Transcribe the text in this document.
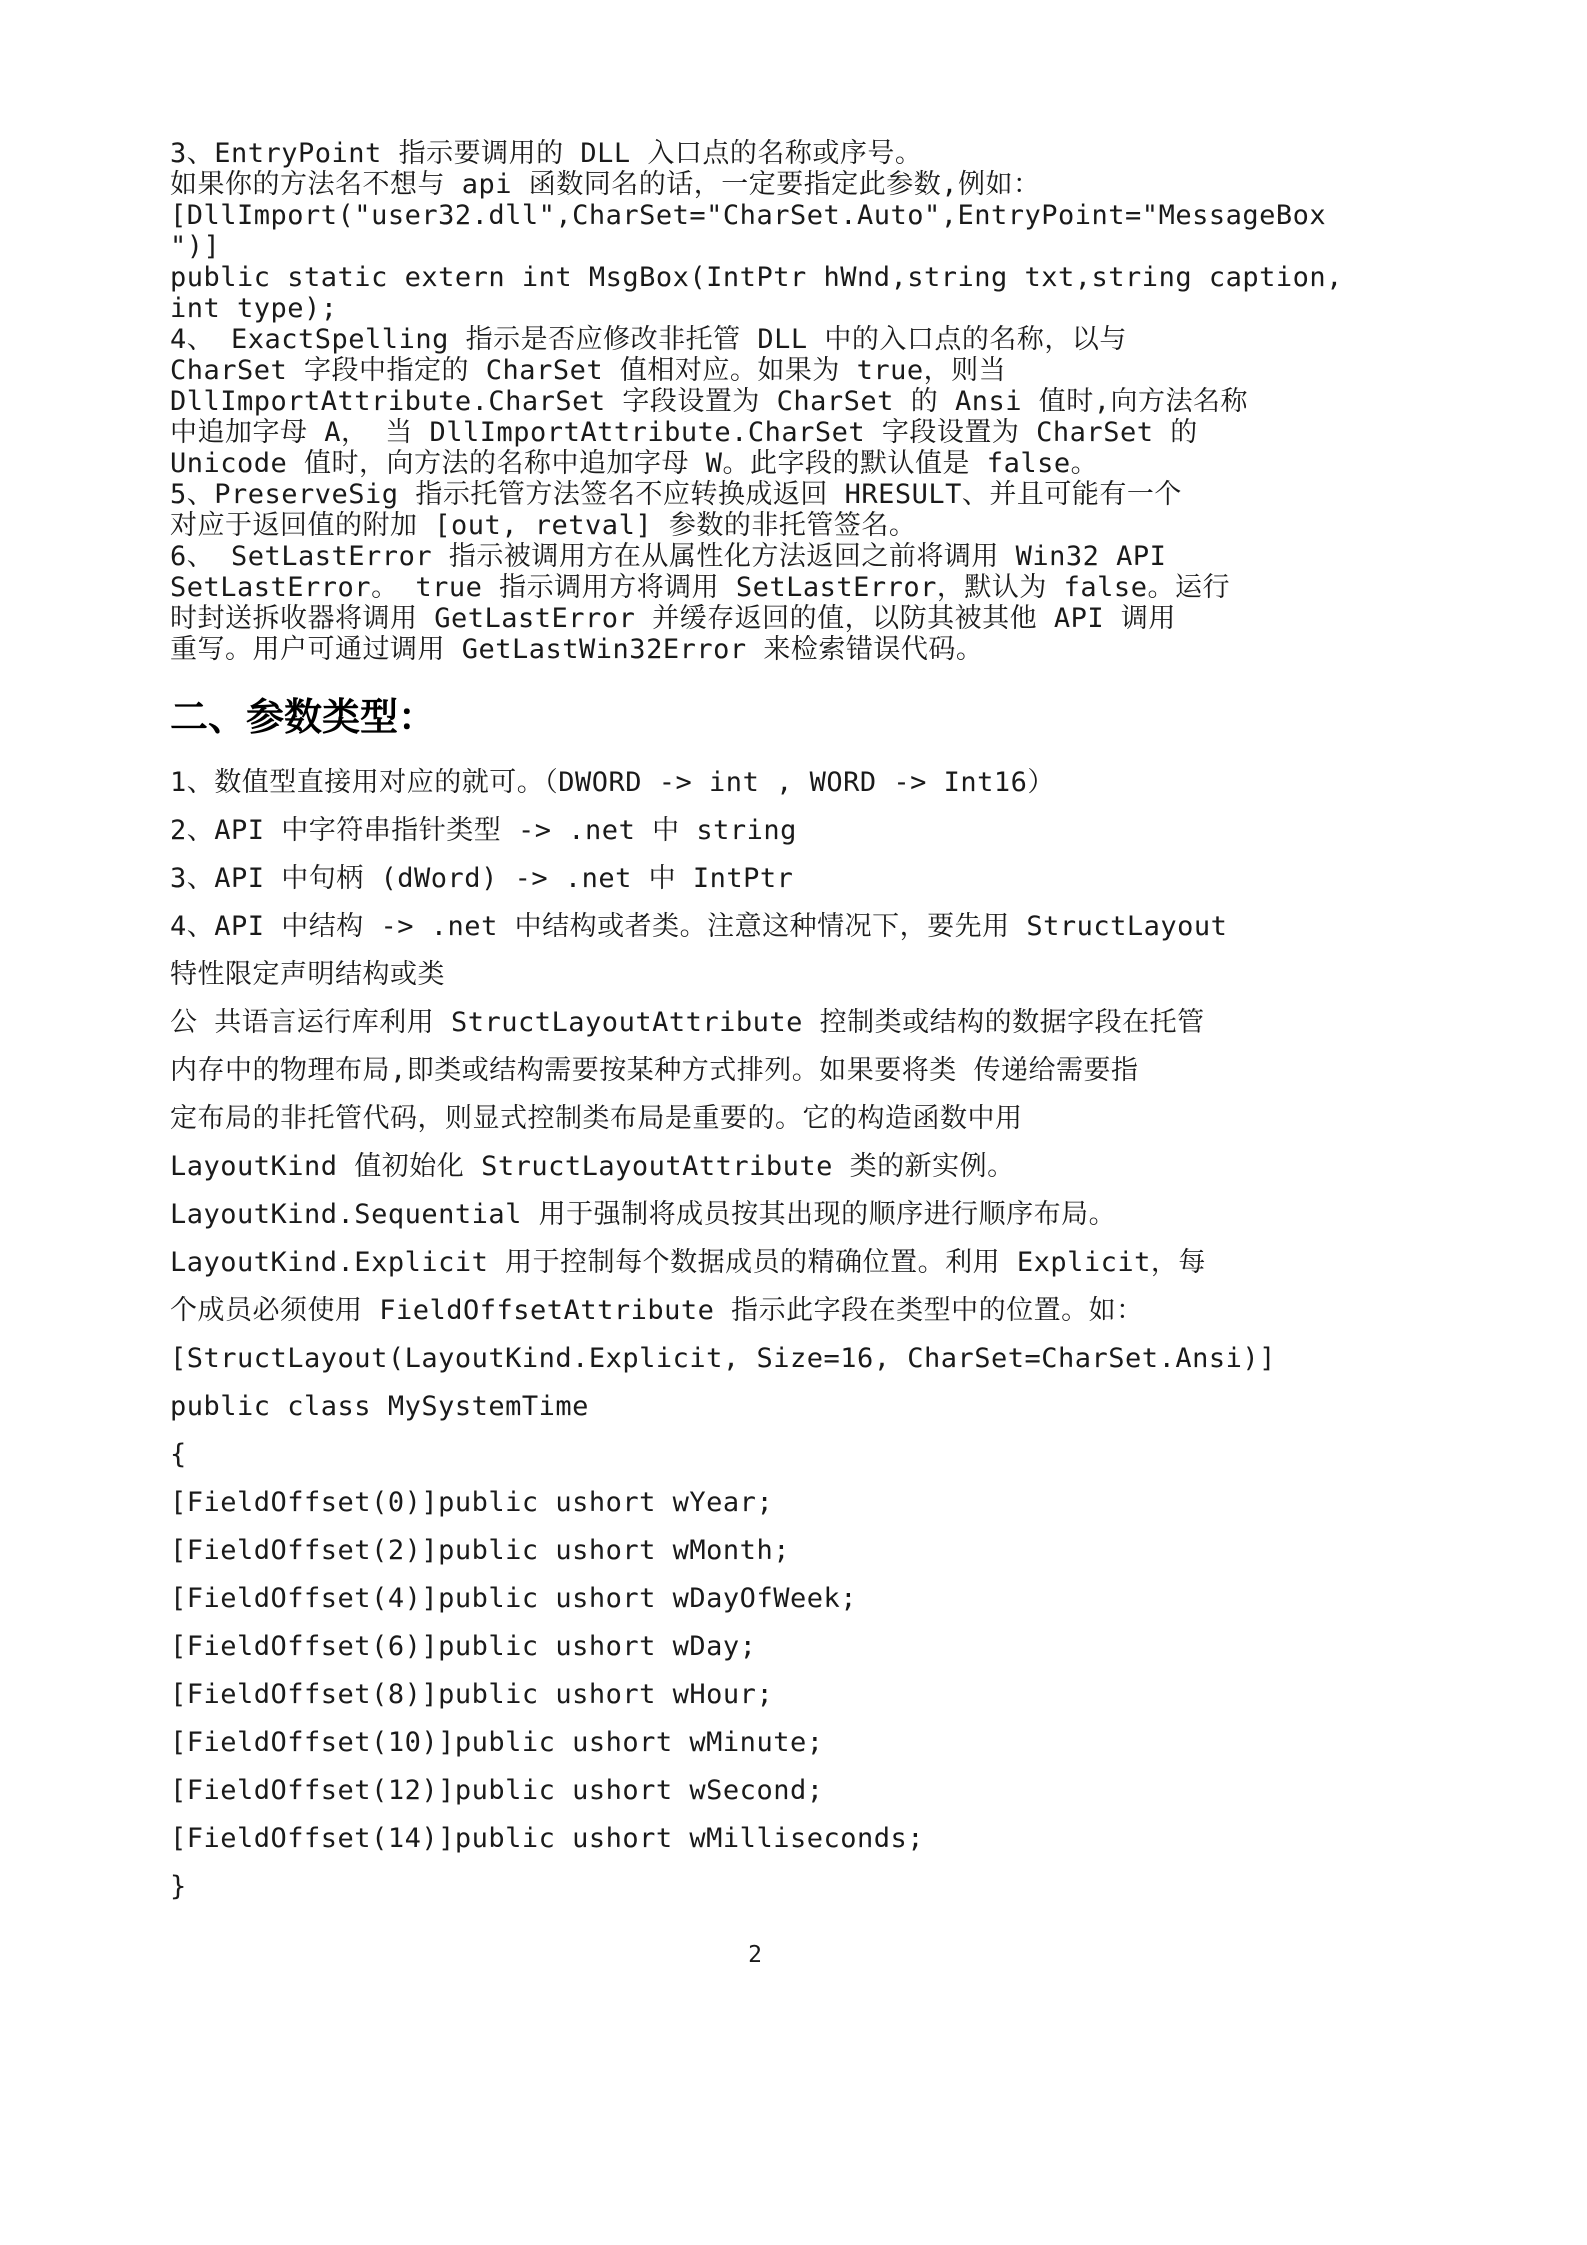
3、EntryPoint 指示要调用的 DLL 入口点的名称或序号。
如果你的方法名不想与 api 函数同名的话，一定要指定此参数,例如：
[DllImport("user32.dll",CharSet="CharSet.Auto",EntryPoint="MessageBox
")]
public static extern int MsgBox(IntPtr hWnd,string txt,string caption,
int type);
4、 ExactSpelling 指示是否应修改非托管 DLL 中的入口点的名称，以与
CharSet 字段中指定的 CharSet 值相对应。如果为 true，则当
DllImportAttribute.CharSet 字段设置为 CharSet 的 Ansi 值时,向方法名称
中追加字母 A， 当 DllImportAttribute.CharSet 字段设置为 CharSet 的
Unicode 值时，向方法的名称中追加字母 W。此字段的默认值是 false。
5、PreserveSig 指示托管方法签名不应转换成返回 HRESULT、并且可能有一个
对应于返回值的附加 [out, retval] 参数的非托管签名。
6、 SetLastError 指示被调用方在从属性化方法返回之前将调用 Win32 API
SetLastError。 true 指示调用方将调用 SetLastError，默认为 false。运行
时封送拆收器将调用 GetLastError 并缓存返回的值，以防其被其他 API 调用
重写。用户可通过调用 GetLastWin32Error 来检索错误代码。
二、参数类型：
1、数值型直接用对应的就可。（DWORD -> int , WORD -> Int16）
2、API 中字符串指针类型 -> .net 中 string
3、API 中句柄 (dWord) -> .net 中 IntPtr
4、API 中结构 -> .net 中结构或者类。注意这种情况下，要先用 StructLayout
特性限定声明结构或类
公 共语言运行库利用 StructLayoutAttribute 控制类或结构的数据字段在托管
内存中的物理布局,即类或结构需要按某种方式排列。如果要将类 传递给需要指
定布局的非托管代码，则显式控制类布局是重要的。它的构造函数中用
LayoutKind 值初始化 StructLayoutAttribute 类的新实例。
LayoutKind.Sequential 用于强制将成员按其出现的顺序进行顺序布局。
LayoutKind.Explicit 用于控制每个数据成员的精确位置。利用 Explicit，每
个成员必须使用 FieldOffsetAttribute 指示此字段在类型中的位置。如：
[StructLayout(LayoutKind.Explicit, Size=16, CharSet=CharSet.Ansi)]
public class MySystemTime
{
[FieldOffset(0)]public ushort wYear;
[FieldOffset(2)]public ushort wMonth;
[FieldOffset(4)]public ushort wDayOfWeek;
[FieldOffset(6)]public ushort wDay;
[FieldOffset(8)]public ushort wHour;
[FieldOffset(10)]public ushort wMinute;
[FieldOffset(12)]public ushort wSecond;
[FieldOffset(14)]public ushort wMilliseconds;
}
2
